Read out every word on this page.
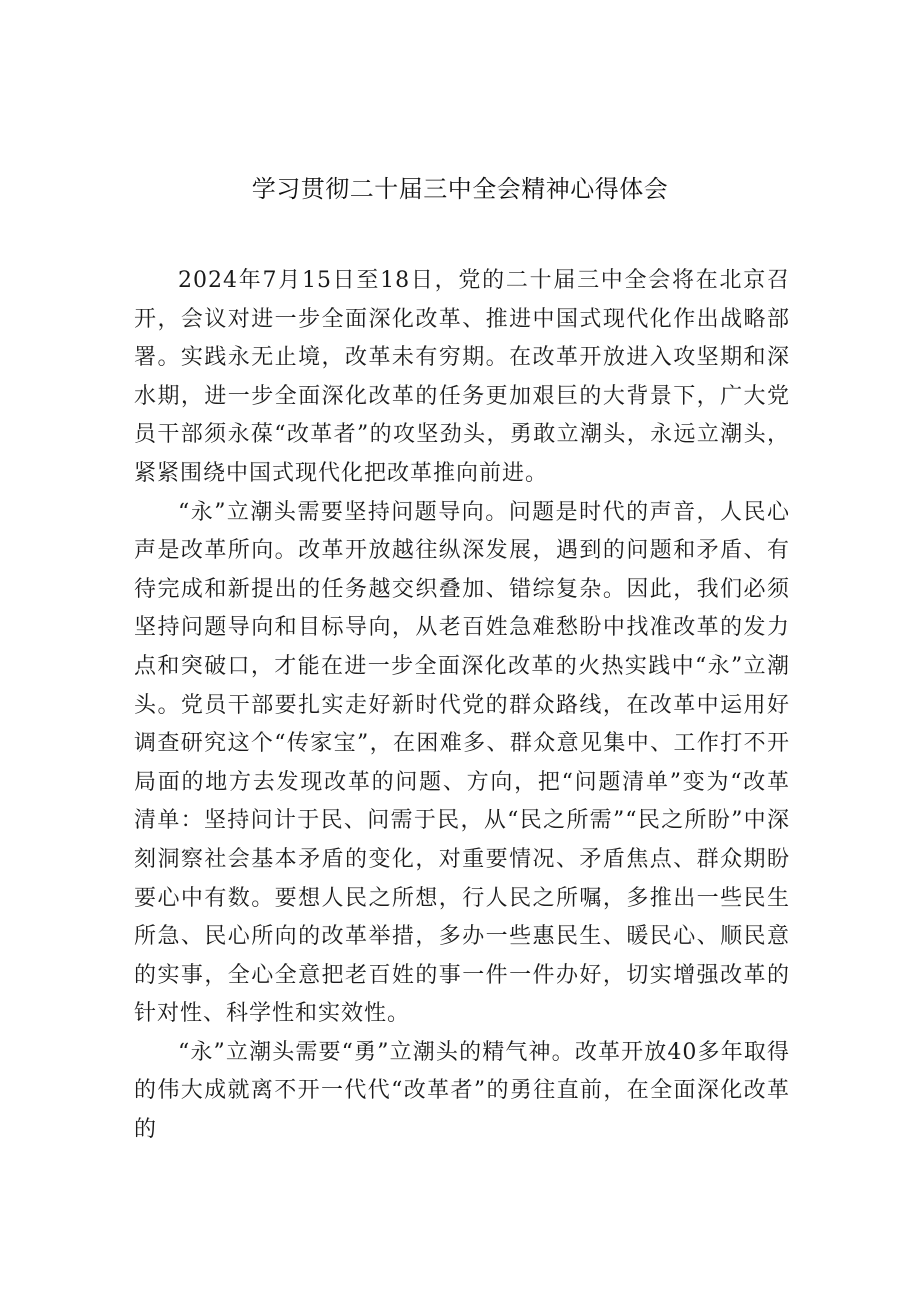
学习贯彻二十届三中全会精神心得体会

2024年7月15日至18日，党的二十届三中全会将在北京召开，会议对进一步全面深化改革、推进中国式现代化作出战略部署。实践永无止境，改革未有穷期。在改革开放进入攻坚期和深水期，进一步全面深化改革的任务更加艰巨的大背景下，广大党员干部须永葆“改革者”的攻坚劲头，勇敢立潮头，永远立潮头，紧紧围绕中国式现代化把改革推向前进。

“永”立潮头需要坚持问题导向。问题是时代的声音，人民心声是改革所向。改革开放越往纵深发展，遇到的问题和矛盾、有待完成和新提出的任务越交织叠加、错综复杂。因此，我们必须坚持问题导向和目标导向，从老百姓急难愁盼中找准改革的发力点和突破口，才能在进一步全面深化改革的火热实践中“永”立潮头。党员干部要扎实走好新时代党的群众路线，在改革中运用好调查研究这个“传家宝”，在困难多、群众意见集中、工作打不开局面的地方去发现改革的问题、方向，把“问题清单”变为“改革清单：坚持问计于民、问需于民，从“民之所需”“民之所盼”中深刻洞察社会基本矛盾的变化，对重要情况、矛盾焦点、群众期盼要心中有数。要想人民之所想，行人民之所嘱，多推出一些民生所急、民心所向的改革举措，多办一些惠民生、暖民心、顺民意的实事，全心全意把老百姓的事一件一件办好，切实增强改革的针对性、科学性和实效性。

“永”立潮头需要“勇”立潮头的精气神。改革开放40多年取得的伟大成就离不开一代代“改革者”的勇往直前，在全面深化改革的
